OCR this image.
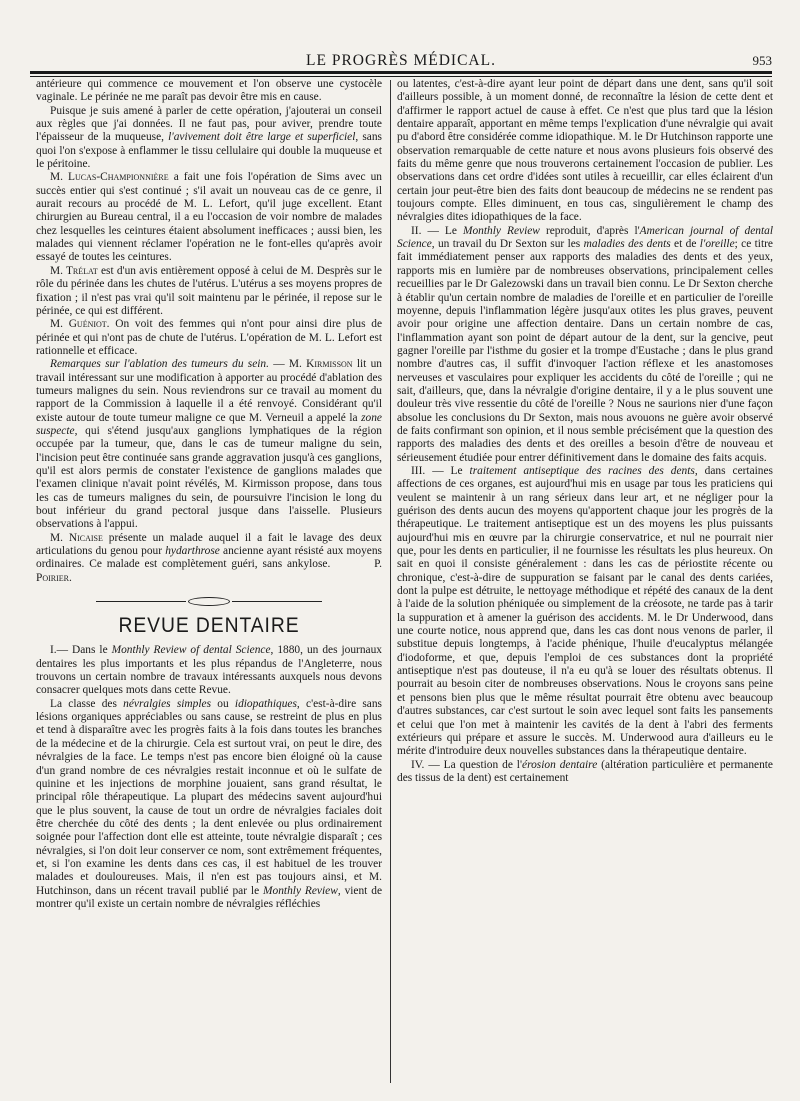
LE PROGRÈS MÉDICAL.	953

antérieure qui commence ce mouvement et l'on observe une cystocèle vaginale. Le périnée ne me paraît pas devoir être mis en cause.

Puisque je suis amené à parler de cette opération, j'ajouterai un conseil aux règles que j'ai données. Il ne faut pas, pour aviver, prendre toute l'épaisseur de la muqueuse, l'avivement doit être large et superficiel, sans quoi l'on s'expose à enflammer le tissu cellulaire qui double la muqueuse et le péritoine.

M. Lucas-Championnière a fait une fois l'opération de Sims avec un succès entier qui s'est continué ; s'il avait un nouveau cas de ce genre, il aurait recours au procédé de M. L. Lefort, qu'il juge excellent. Etant chirurgien au Bureau central, il a eu l'occasion de voir nombre de malades chez lesquelles les ceintures étaient absolument inefficaces ; aussi bien, les malades qui viennent réclamer l'opération ne le font-elles qu'après avoir essayé de toutes les ceintures.

M. Trélat est d'un avis entièrement opposé à celui de M. Desprès sur le rôle du périnée dans les chutes de l'utérus. L'utérus a ses moyens propres de fixation ; il n'est pas vrai qu'il soit maintenu par le périnée, il repose sur le périnée, ce qui est différent.

M. Guéniot. On voit des femmes qui n'ont pour ainsi dire plus de périnée et qui n'ont pas de chute de l'utérus. L'opération de M. L. Lefort est rationnelle et efficace.

Remarques sur l'ablation des tumeurs du sein. — M. Kirmisson lit un travail intéressant sur une modification à apporter au procédé d'ablation des tumeurs malignes du sein. Nous reviendrons sur ce travail au moment du rapport de la Commission à laquelle il a été renvoyé. Considérant qu'il existe autour de toute tumeur maligne ce que M. Verneuil a appelé la zone suspecte, qui s'étend jusqu'aux ganglions lymphatiques de la région occupée par la tumeur, que, dans le cas de tumeur maligne du sein, l'incision peut être continuée sans grande aggravation jusqu'à ces ganglions, qu'il est alors permis de constater l'existence de ganglions malades que l'examen clinique n'avait point révélés, M. Kirmisson propose, dans tous les cas de tumeurs malignes du sein, de poursuivre l'incision le long du bout inférieur du grand pectoral jusque dans l'aisselle. Plusieurs observations à l'appui.

M. Nicaise présente un malade auquel il a fait le lavage des deux articulations du genou pour hydarthrose ancienne ayant résisté aux moyens ordinaires. Ce malade est complètement guéri, sans ankylose.	P. Poirier.

REVUE DENTAIRE

I.— Dans le Monthly Review of dental Science, 1880, un des journaux dentaires les plus importants et les plus répandus de l'Angleterre, nous trouvons un certain nombre de travaux intéressants auxquels nous devons consacrer quelques mots dans cette Revue.

La classe des névralgies simples ou idiopathiques, c'est-à-dire sans lésions organiques appréciables ou sans cause, se restreint de plus en plus et tend à disparaître avec les progrès faits à la fois dans toutes les branches de la médecine et de la chirurgie. Cela est surtout vrai, on peut le dire, des névralgies de la face. Le temps n'est pas encore bien éloigné où la cause d'un grand nombre de ces névralgies restait inconnue et où le sulfate de quinine et les injections de morphine jouaient, sans grand résultat, le principal rôle thérapeutique. La plupart des médecins savent aujourd'hui que le plus souvent, la cause de tout un ordre de névralgies faciales doit être cherchée du côté des dents ; la dent enlevée ou plus ordinairement soignée pour l'affection dont elle est atteinte, toute névralgie disparaît ; ces névralgies, si l'on doit leur conserver ce nom, sont extrêmement fréquentes, et, si l'on examine les dents dans ces cas, il est habituel de les trouver malades et douloureuses. Mais, il n'en est pas toujours ainsi, et M. Hutchinson, dans un récent travail publié par le Monthly Review, vient de montrer qu'il existe un certain nombre de névralgies réfléchies

ou latentes, c'est-à-dire ayant leur point de départ dans une dent, sans qu'il soit d'ailleurs possible, à un moment donné, de reconnaître la lésion de cette dent et d'affirmer le rapport actuel de cause à effet. Ce n'est que plus tard que la lésion dentaire apparaît, apportant en même temps l'explication d'une névralgie qui avait pu d'abord être considérée comme idiopathique. M. le Dr Hutchinson rapporte une observation remarquable de cette nature et nous avons plusieurs fois observé des faits du même genre que nous trouverons certainement l'occasion de publier. Les observations dans cet ordre d'idées sont utiles à recueillir, car elles éclairent d'un certain jour peut-être bien des faits dont beaucoup de médecins ne se rendent pas toujours compte. Elles diminuent, en tous cas, singulièrement le champ des névralgies dites idiopathiques de la face.

II. — Le Monthly Review reproduit, d'après l'American journal of dental Science, un travail du Dr Sexton sur les maladies des dents et de l'oreille; ce titre fait immédiatement penser aux rapports des maladies des dents et des yeux, rapports mis en lumière par de nombreuses observations, principalement celles recueillies par le Dr Galezowski dans un travail bien connu. Le Dr Sexton cherche à établir qu'un certain nombre de maladies de l'oreille et en particulier de l'oreille moyenne, depuis l'inflammation légère jusqu'aux otites les plus graves, peuvent avoir pour origine une affection dentaire. Dans un certain nombre de cas, l'inflammation ayant son point de départ autour de la dent, sur la gencive, peut gagner l'oreille par l'isthme du gosier et la trompe d'Eustache ; dans le plus grand nombre d'autres cas, il suffit d'invoquer l'action réflexe et les anastomoses nerveuses et vasculaires pour expliquer les accidents du côté de l'oreille ; qui ne sait, d'ailleurs, que, dans la névralgie d'origine dentaire, il y a le plus souvent une douleur très vive ressentie du côté de l'oreille ? Nous ne saurions nier d'une façon absolue les conclusions du Dr Sexton, mais nous avouons ne guère avoir observé de faits confirmant son opinion, et il nous semble précisément que la question des rapports des maladies des dents et des oreilles a besoin d'être de nouveau et sérieusement étudiée pour entrer définitivement dans le domaine des faits acquis.

III. — Le traitement antiseptique des racines des dents, dans certaines affections de ces organes, est aujourd'hui mis en usage par tous les praticiens qui veulent se maintenir à un rang sérieux dans leur art, et ne négliger pour la guérison des dents aucun des moyens qu'apportent chaque jour les progrès de la thérapeutique. Le traitement antiseptique est un des moyens les plus puissants aujourd'hui mis en œuvre par la chirurgie conservatrice, et nul ne pourrait nier que, pour les dents en particulier, il ne fournisse les résultats les plus heureux. On sait en quoi il consiste généralement : dans les cas de périostite récente ou chronique, c'est-à-dire de suppuration se faisant par le canal des dents cariées, dont la pulpe est détruite, le nettoyage méthodique et répété des canaux de la dent à l'aide de la solution phéniquée ou simplement de la créosote, ne tarde pas à tarir la suppuration et à amener la guérison des accidents. M. le Dr Underwood, dans une courte notice, nous apprend que, dans les cas dont nous venons de parler, il substitue depuis longtemps, à l'acide phénique, l'huile d'eucalyptus mélangée d'iodoforme, et que, depuis l'emploi de ces substances dont la propriété antiseptique n'est pas douteuse, il n'a eu qu'à se louer des résultats obtenus. Il pourrait au besoin citer de nombreuses observations. Nous le croyons sans peine et pensons bien plus que le même résultat pourrait être obtenu avec beaucoup d'autres substances, car c'est surtout le soin avec lequel sont faits les pansements et celui que l'on met à maintenir les cavités de la dent à l'abri des ferments extérieurs qui prépare et assure le succès. M. Underwood aura d'ailleurs eu le mérite d'introduire deux nouvelles substances dans la thérapeutique dentaire.

IV. — La question de l'érosion dentaire (altération particulière et permanente des tissus de la dent) est certainement
